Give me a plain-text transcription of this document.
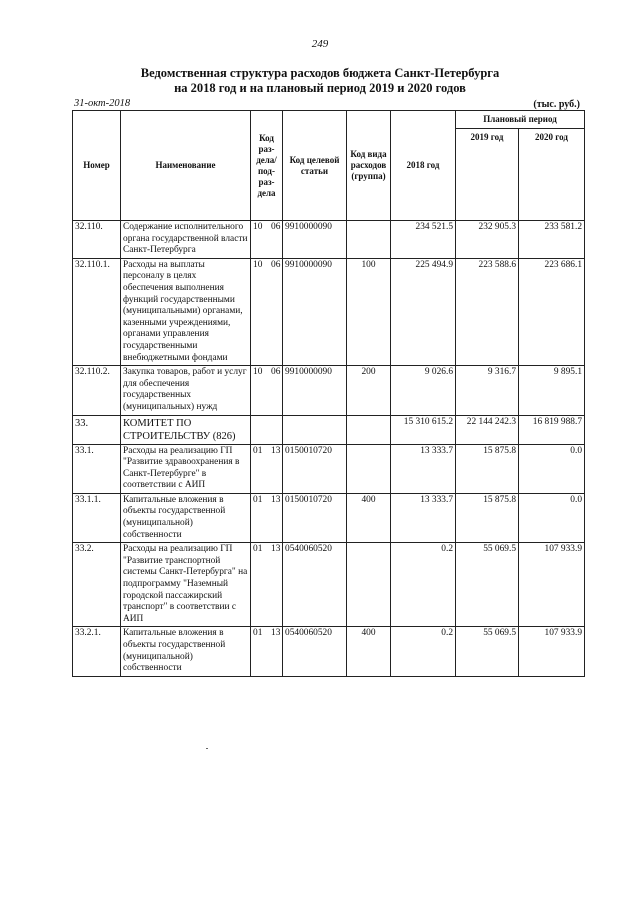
249
Ведомственная структура расходов бюджета Санкт-Петербурга
на 2018 год и на плановый период 2019 и 2020 годов
31-окт-2018	(тыс. руб.)
Номер	Наименование	Код раз-дела/ под-раз-дела	Код целевой статьи	Код вида расходов (группа)	2018 год	Плановый период	
						2019 год	2020 год
32.110.	Содержание исполнительного органа государственной власти Санкт-Петербурга	10 06	9910000090		234 521.5	232 905.3	233 581.2
32.110.1.	Расходы на выплаты персоналу в целях обеспечения выполнения функций государственными (муниципальными) органами, казенными учреждениями, органами управления государственными внебюджетными фондами	10 06	9910000090	100	225 494.9	223 588.6	223 686.1
32.110.2.	Закупка товаров, работ и услуг для обеспечения государственных (муниципальных) нужд	10 06	9910000090	200	9 026.6	9 316.7	9 895.1
33.	КОМИТЕТ ПО СТРОИТЕЛЬСТВУ (826)				15 310 615.2	22 144 242.3	16 819 988.7
33.1.	Расходы на реализацию ГП "Развитие здравоохранения в Санкт-Петербурге" в соответствии с АИП	01 13	0150010720		13 333.7	15 875.8	0.0
33.1.1.	Капитальные вложения в объекты государственной (муниципальной) собственности	01 13	0150010720	400	13 333.7	15 875.8	0.0
33.2.	Расходы на реализацию ГП "Развитие транспортной системы Санкт-Петербурга" на подпрограмму "Наземный городской пассажирский транспорт" в соответствии с АИП	01 13	0540060520		0.2	55 069.5	107 933.9
33.2.1.	Капитальные вложения в объекты государственной (муниципальной) собственности	01 13	0540060520	400	0.2	55 069.5	107 933.9
